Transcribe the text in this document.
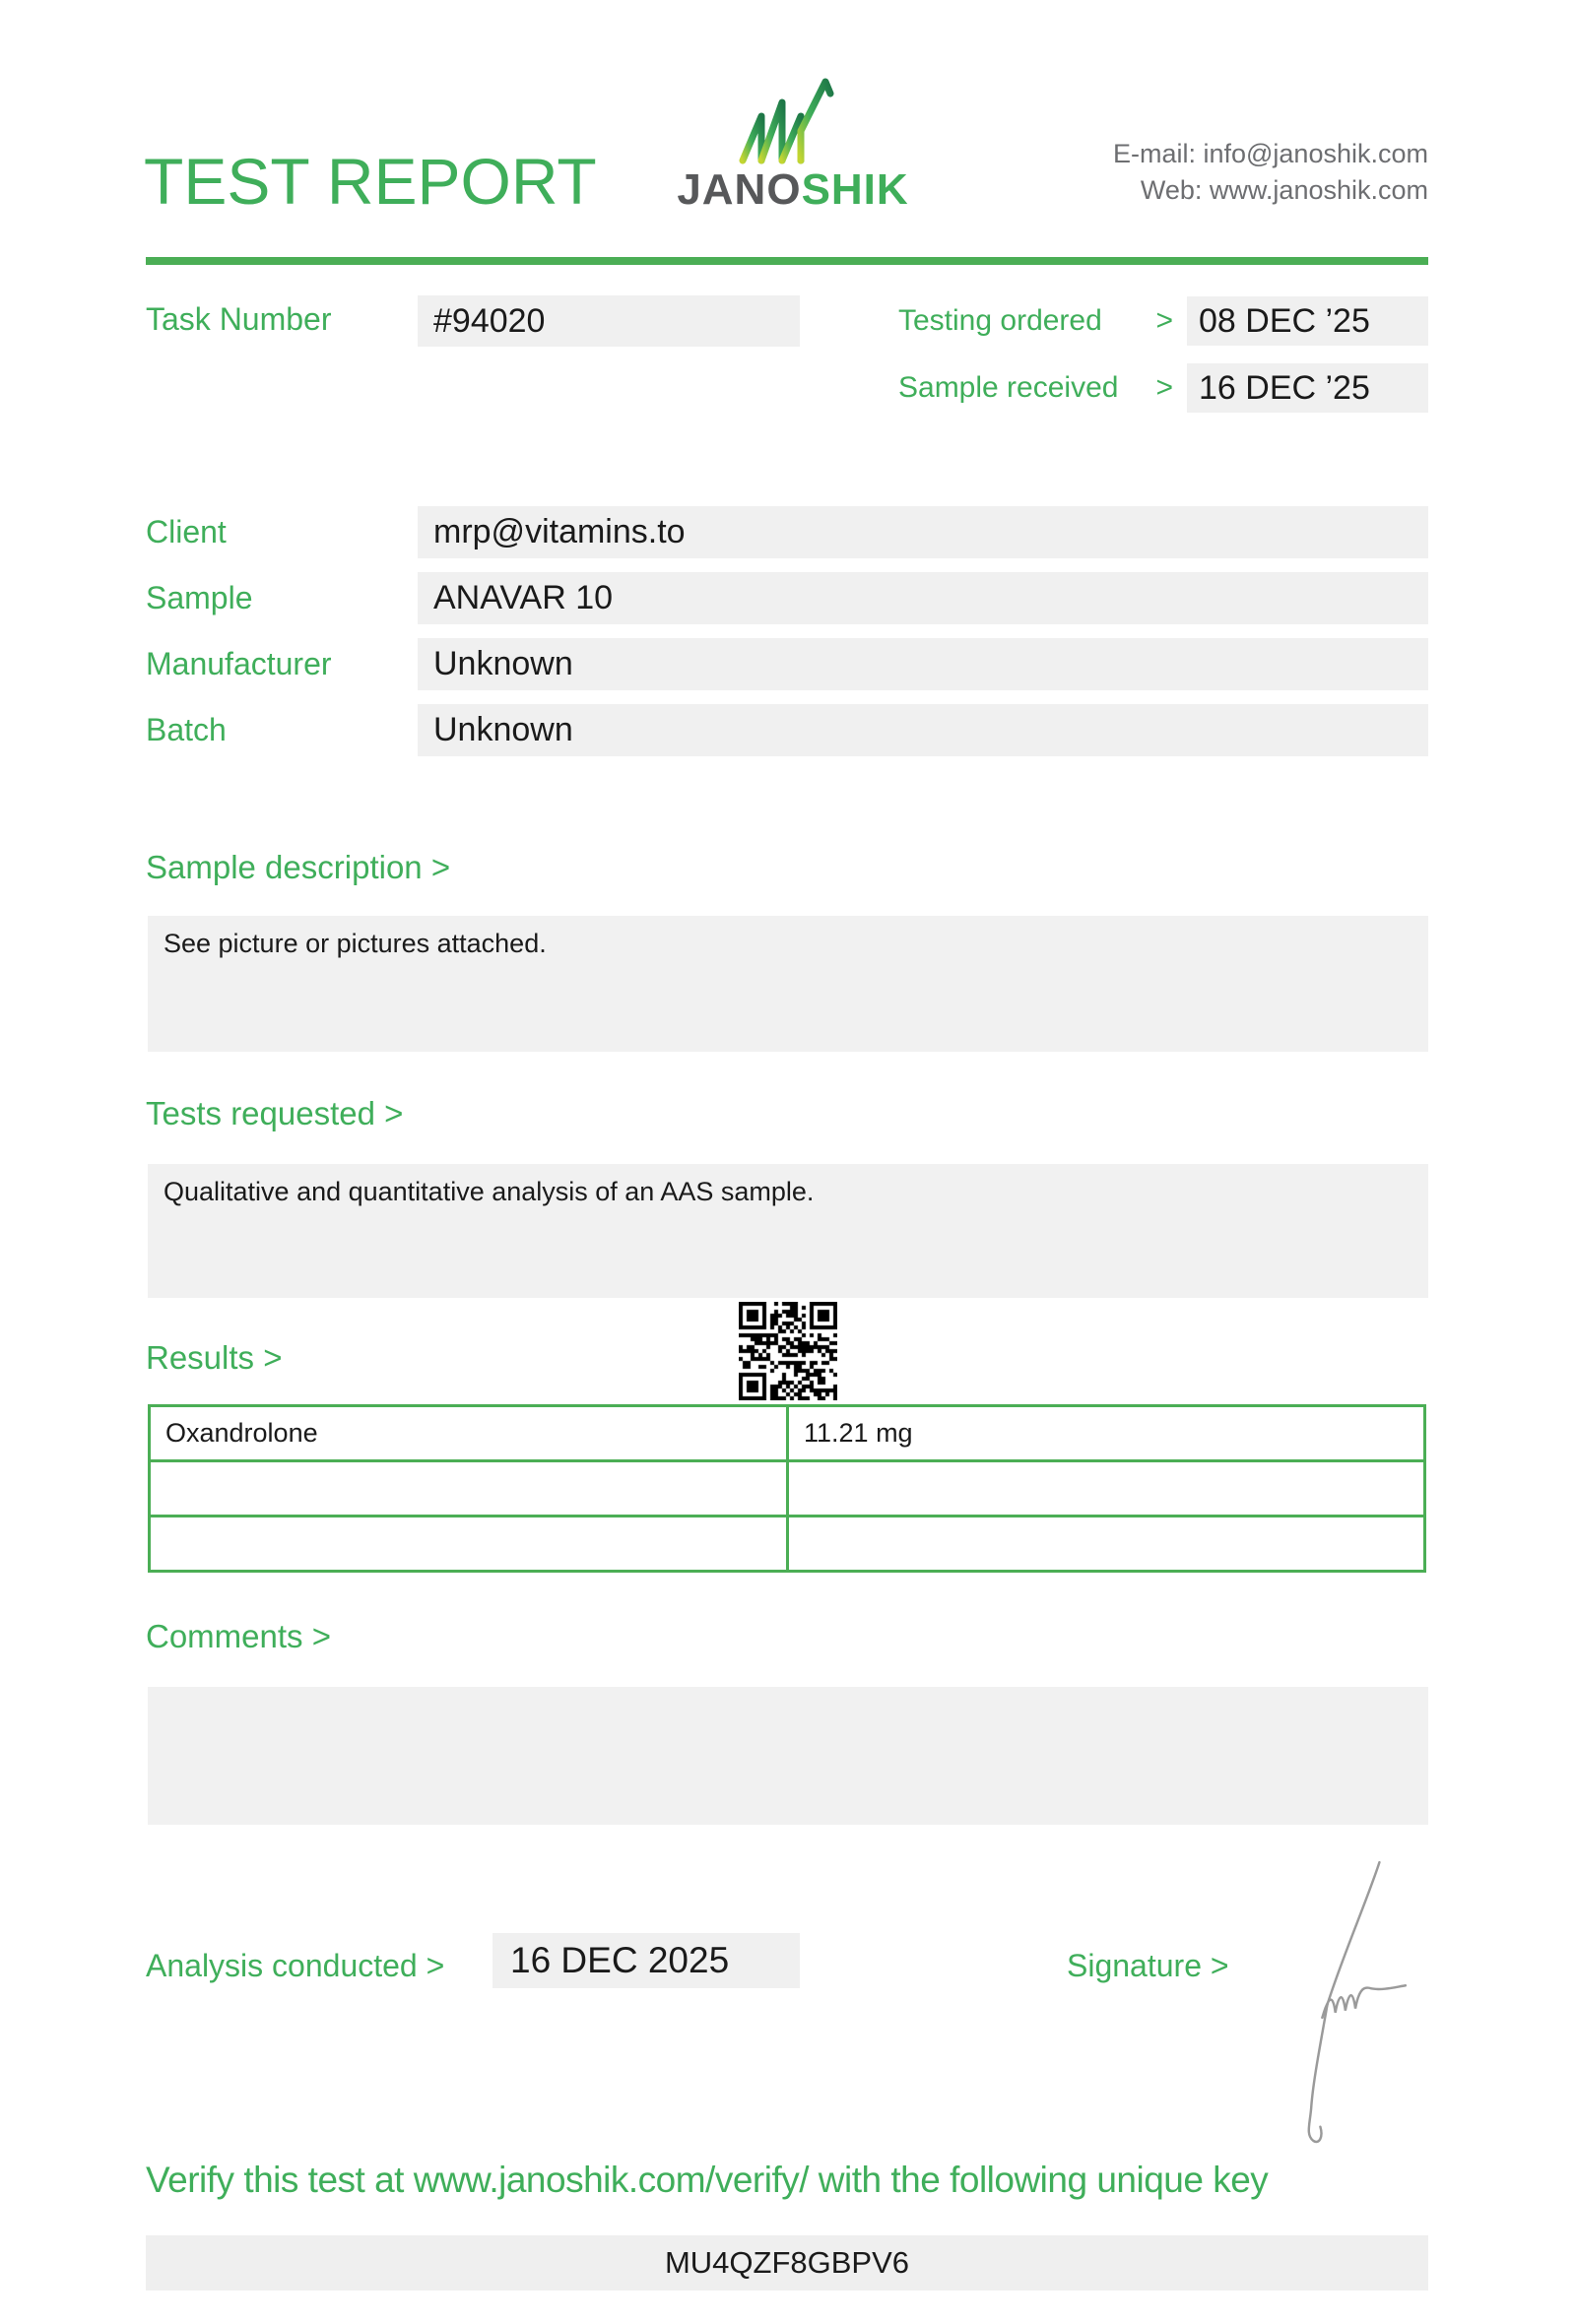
TEST REPORT	JANOSHIK
E-mail: info@janoshik.com
Web: www.janoshik.com
Task Number	#94020	Testing ordered > 08 DEC ’25
Sample received > 16 DEC ’25
Client	mrp@vitamins.to
Sample	ANAVAR 10
Manufacturer	Unknown
Batch	Unknown
Sample description >
See picture or pictures attached.
Tests requested >
Qualitative and quantitative analysis of an AAS sample.
Results >
Oxandrolone	11.21 mg

Comments >
Analysis conducted >	16 DEC 2025	Signature >
Verify this test at www.janoshik.com/verify/ with the following unique key
MU4QZF8GBPV6
